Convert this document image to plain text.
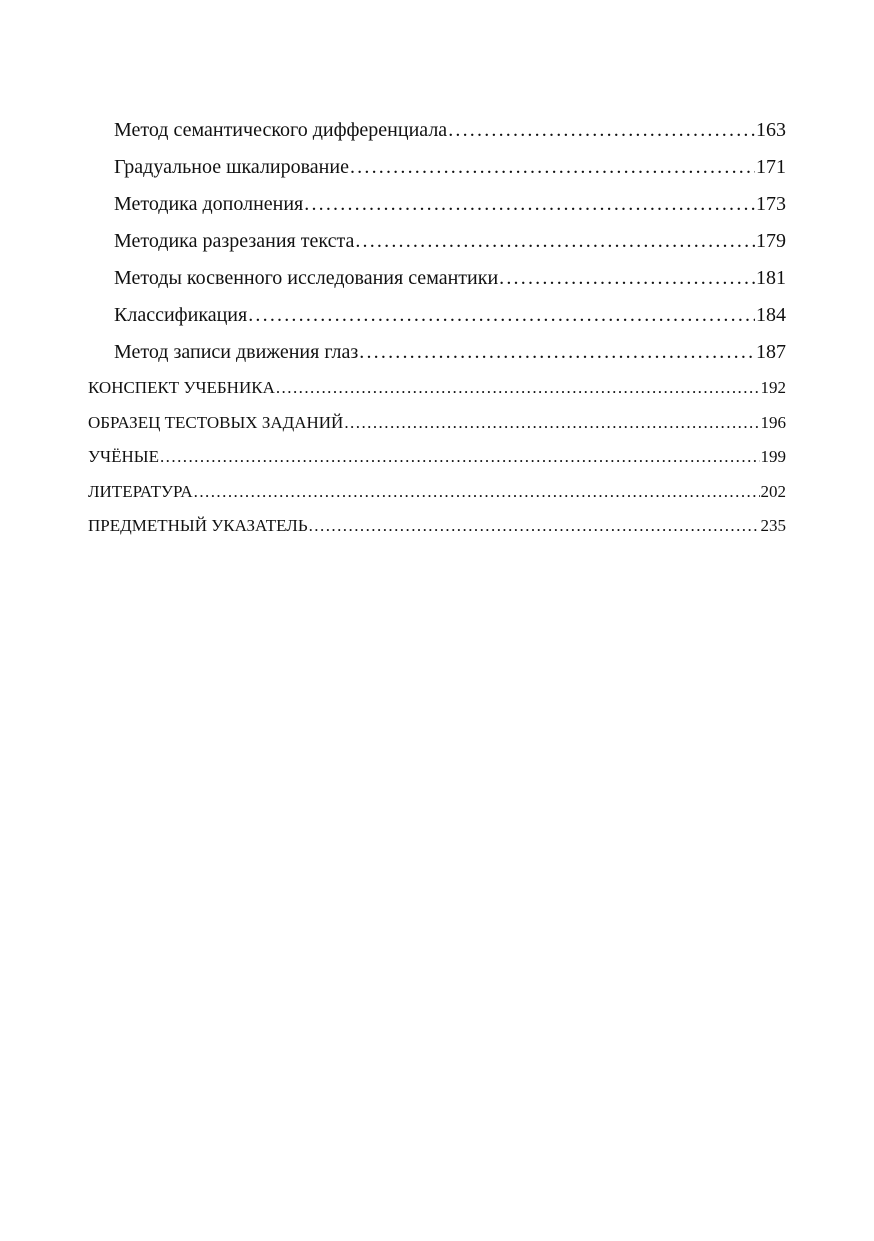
Метод семантического дифференциала . . .	163
Градуальное шкалирование . . .	171
Методика дополнения . . .	173
Методика разрезания текста . . .	179
Методы косвенного исследования семантики . . .	181
Классификация . . .	184
Метод записи движения глаз . . .	187
КОНСПЕКТ УЧЕБНИКА . . .	192
ОБРАЗЕЦ ТЕСТОВЫХ ЗАДАНИЙ . . .	196
УЧЁНЫЕ . . .	199
ЛИТЕРАТУРА . . .	202
ПРЕДМЕТНЫЙ УКАЗАТЕЛЬ . . .	235
